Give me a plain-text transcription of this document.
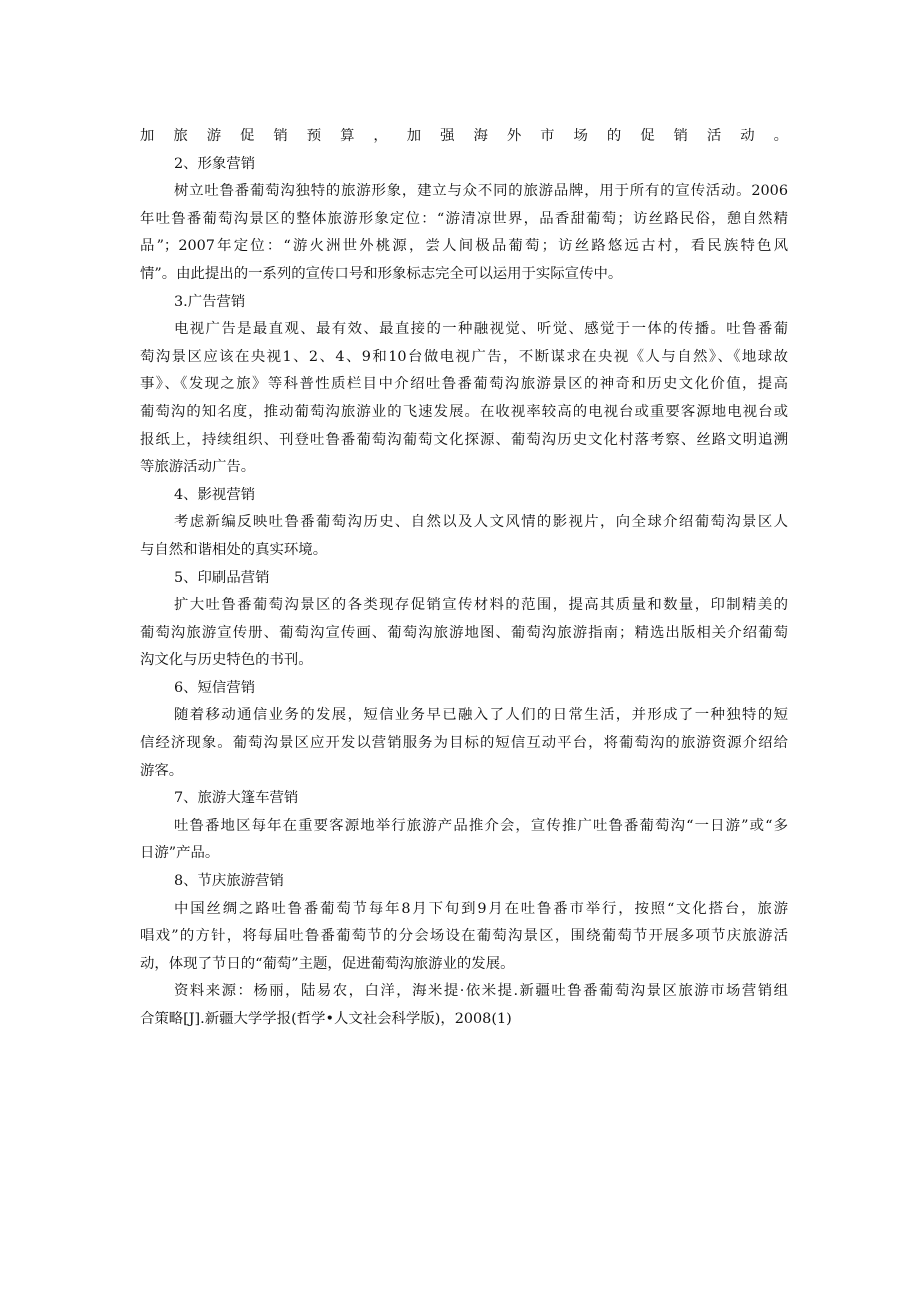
加旅游促销预算，加强海外市场的促销活动。

2、形象营销

树立吐鲁番葡萄沟独特的旅游形象，建立与众不同的旅游品牌，用于所有的宣传活动。2006

年吐鲁番葡萄沟景区的整体旅游形象定位：“游清凉世界，品香甜葡萄；访丝路民俗，憩自然精

品”；2007年定位：“游火洲世外桃源，尝人间极品葡萄；访丝路悠远古村，看民族特色风

情”。由此提出的一系列的宣传口号和形象标志完全可以运用于实际宣传中。

3.广告营销

电视广告是最直观、最有效、最直接的一种融视觉、听觉、感觉于一体的传播。吐鲁番葡

萄沟景区应该在央视1、2、4、9和10台做电视广告，不断谋求在央视《人与自然》、《地球故

事》、《发现之旅》等科普性质栏目中介绍吐鲁番葡萄沟旅游景区的神奇和历史文化价值，提高

葡萄沟的知名度，推动葡萄沟旅游业的飞速发展。在收视率较高的电视台或重要客源地电视台或

报纸上，持续组织、刊登吐鲁番葡萄沟葡萄文化探源、葡萄沟历史文化村落考察、丝路文明追溯

等旅游活动广告。

4、影视营销

考虑新编反映吐鲁番葡萄沟历史、自然以及人文风情的影视片，向全球介绍葡萄沟景区人

与自然和谐相处的真实环境。

5、印刷品营销

扩大吐鲁番葡萄沟景区的各类现存促销宣传材料的范围，提高其质量和数量，印制精美的

葡萄沟旅游宣传册、葡萄沟宣传画、葡萄沟旅游地图、葡萄沟旅游指南；精选出版相关介绍葡萄

沟文化与历史特色的书刊。

6、短信营销

随着移动通信业务的发展，短信业务早已融入了人们的日常生活，并形成了一种独特的短

信经济现象。葡萄沟景区应开发以营销服务为目标的短信互动平台，将葡萄沟的旅游资源介绍给

游客。

7、旅游大篷车营销

吐鲁番地区每年在重要客源地举行旅游产品推介会，宣传推广吐鲁番葡萄沟“一日游”或“多

日游”产品。

8、节庆旅游营销

中国丝绸之路吐鲁番葡萄节每年8月下旬到9月在吐鲁番市举行，按照“文化搭台，旅游

唱戏”的方针，将每届吐鲁番葡萄节的分会场设在葡萄沟景区，围绕葡萄节开展多项节庆旅游活

动，体现了节日的“葡萄”主题，促进葡萄沟旅游业的发展。

资料来源：杨丽，陆易农，白洋，海米提·依米提.新疆吐鲁番葡萄沟景区旅游市场营销组

合策略[J].新疆大学学报(哲学•人文社会科学版)，2008(1)
